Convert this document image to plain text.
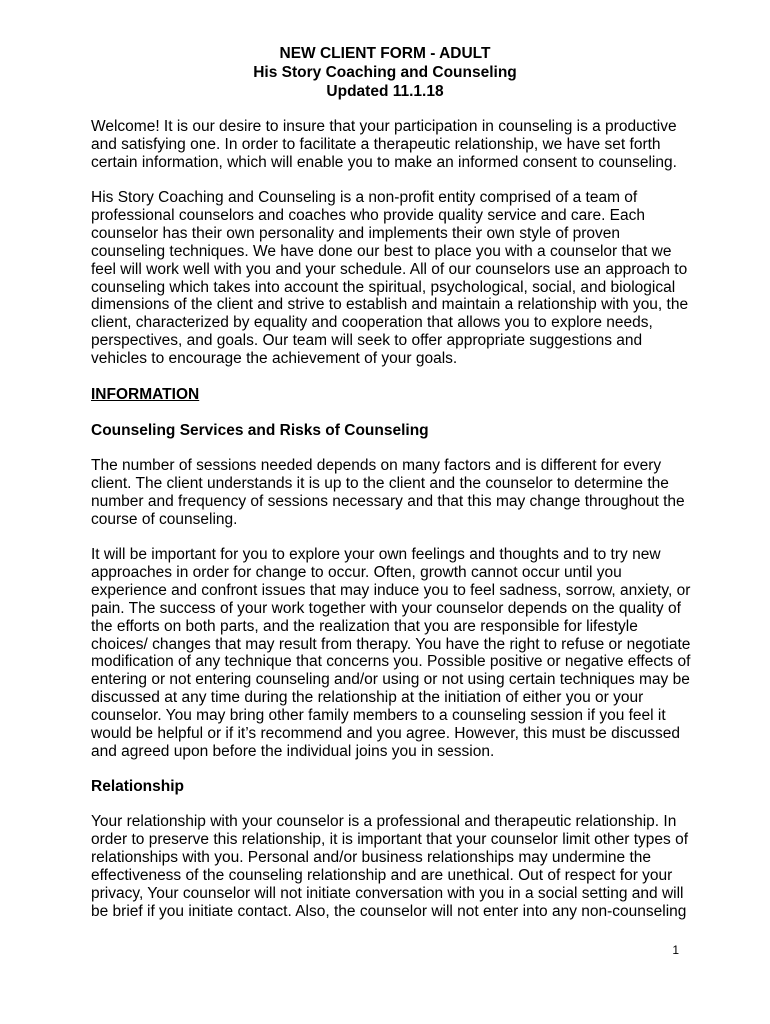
NEW CLIENT FORM - ADULT
His Story Coaching and Counseling
Updated 11.1.18
Welcome! It is our desire to insure that your participation in counseling is a productive and satisfying one. In order to facilitate a therapeutic relationship, we have set forth certain information, which will enable you to make an informed consent to counseling.
His Story Coaching and Counseling is a non-profit entity comprised of a team of professional counselors and coaches who provide quality service and care. Each counselor has their own personality and implements their own style of proven counseling techniques. We have done our best to place you with a counselor that we feel will work well with you and your schedule. All of our counselors use an approach to counseling which takes into account the spiritual, psychological, social, and biological dimensions of the client and strive to establish and maintain a relationship with you, the client, characterized by equality and cooperation that allows you to explore needs, perspectives, and goals. Our team will seek to offer appropriate suggestions and vehicles to encourage the achievement of your goals.
INFORMATION
Counseling Services and Risks of Counseling
The number of sessions needed depends on many factors and is different for every client. The client understands it is up to the client and the counselor to determine the number and frequency of sessions necessary and that this may change throughout the course of counseling.
It will be important for you to explore your own feelings and thoughts and to try new approaches in order for change to occur. Often, growth cannot occur until you experience and confront issues that may induce you to feel sadness, sorrow, anxiety, or pain. The success of your work together with your counselor depends on the quality of the efforts on both parts, and the realization that you are responsible for lifestyle choices/ changes that may result from therapy. You have the right to refuse or negotiate modification of any technique that concerns you. Possible positive or negative effects of entering or not entering counseling and/or using or not using certain techniques may be discussed at any time during the relationship at the initiation of either you or your counselor. You may bring other family members to a counseling session if you feel it would be helpful or if it’s recommend and you agree. However, this must be discussed and agreed upon before the individual joins you in session.
Relationship
Your relationship with your counselor is a professional and therapeutic relationship. In order to preserve this relationship, it is important that your counselor limit other types of relationships with you. Personal and/or business relationships may undermine the effectiveness of the counseling relationship and are unethical. Out of respect for your privacy, Your counselor will not initiate conversation with you in a social setting and will be brief if you initiate contact. Also, the counselor will not enter into any non-counseling
1
